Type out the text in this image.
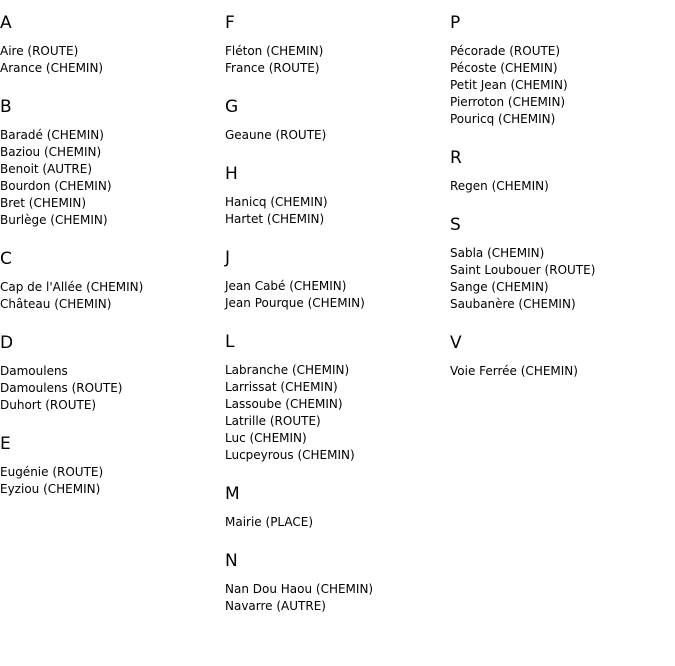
A
Aire (ROUTE)
Arance (CHEMIN)
B
Baradé (CHEMIN)
Baziou (CHEMIN)
Benoit (AUTRE)
Bourdon (CHEMIN)
Bret (CHEMIN)
Burlège (CHEMIN)
C
Cap de l'Allée (CHEMIN)
Château (CHEMIN)
D
Damoulens
Damoulens (ROUTE)
Duhort (ROUTE)
E
Eugénie (ROUTE)
Eyziou (CHEMIN)
F
Fléton (CHEMIN)
France (ROUTE)
G
Geaune (ROUTE)
H
Hanicq (CHEMIN)
Hartet (CHEMIN)
J
Jean Cabé (CHEMIN)
Jean Pourque (CHEMIN)
L
Labranche (CHEMIN)
Larrissat (CHEMIN)
Lassoube (CHEMIN)
Latrille (ROUTE)
Luc (CHEMIN)
Lucpeyrous (CHEMIN)
M
Mairie (PLACE)
N
Nan Dou Haou (CHEMIN)
Navarre (AUTRE)
P
Pécorade (ROUTE)
Pécoste (CHEMIN)
Petit Jean (CHEMIN)
Pierroton (CHEMIN)
Pouricq (CHEMIN)
R
Regen (CHEMIN)
S
Sabla (CHEMIN)
Saint Loubouer (ROUTE)
Sange (CHEMIN)
Saubanère (CHEMIN)
V
Voie Ferrée (CHEMIN)
